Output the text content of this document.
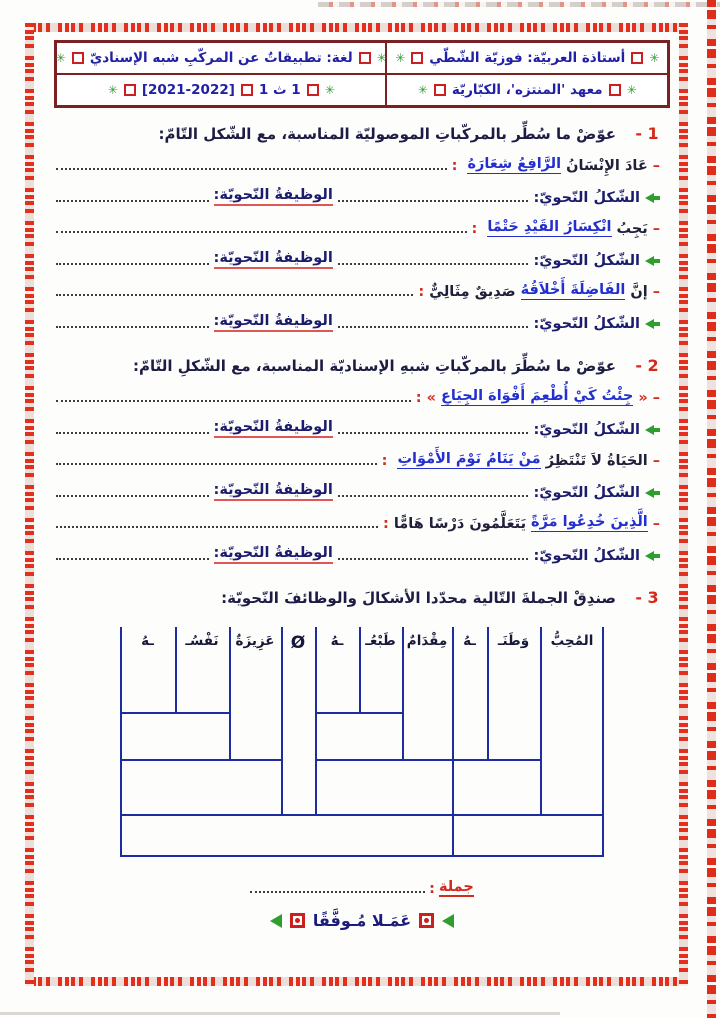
✳
أستاذة العربيّة: فوزيّة الشّطّي
✳
✳
لغة: تطبيقاتٌ عن المركّبِ شبه الإسناديّ
✳
✳
معهد 'المنتزه'، الكبّاريّة
✳
✳
1 ث 1
[2021-2022]
✳
1 -
عوّضْ ما سُطِّر بالمركّباتِ الموصوليّة المناسبة، مع الشّكل التّامّ:
–
عَادَ الإِنْسَانُ
الرَّافِعُ شِعَارَهُ
:
الشّكلُ النّحويّ:
الوظيفةُ النّحويّة:
–
يَجِبُ
انْكِسَارُ القَيْدِ حَتْمًا
:
الشّكلُ النّحويّ:
الوظيفةُ النّحويّة:
–
إنَّ
الفَاضِلَةَ أَخْلاَقُهُ
صَدِيقٌ مِثَالِيٌّ
:
الشّكلُ النّحويّ:
الوظيفةُ النّحويّة:
2 -
عوّضْ ما سُطِّرَ بالمركّباتِ شبهِ الإسناديّة المناسبة، مع الشّكلِ التّامّ:
–
«
جِئْتُ كَيْ أُطْعِمَ أَفْوَاهَ الجِيَاعِ
»
:
الشّكلُ النّحويّ:
الوظيفةُ النّحويّة:
–
الحَيَاةُ لاَ تَنْتَظِرُ
مَنْ يَنَامُ نَوْمَ الأَمْوَاتِ
:
الشّكلُ النّحويّ:
الوظيفةُ النّحويّة:
–
الَّذِينَ خُدِعُوا مَرَّةً
يَتَعَلَّمُونَ دَرْسًا هَامًّا
:
الشّكلُ النّحويّ:
الوظيفةُ النّحويّة:
3 -
صندِقْ الجملةَ التّالية محدّدا الأشكالَ والوظائفَ النّحويّة:
المُحِبُّ
وَطَنَـ
ـهُ
مِقْدَامٌ
طَبْعُـ
ـهُ
Ø
عَزِيزَةٌ
نَفْسُـ
ـهُ
جملة
:
عَمَـلا مُـوفَّقًا
